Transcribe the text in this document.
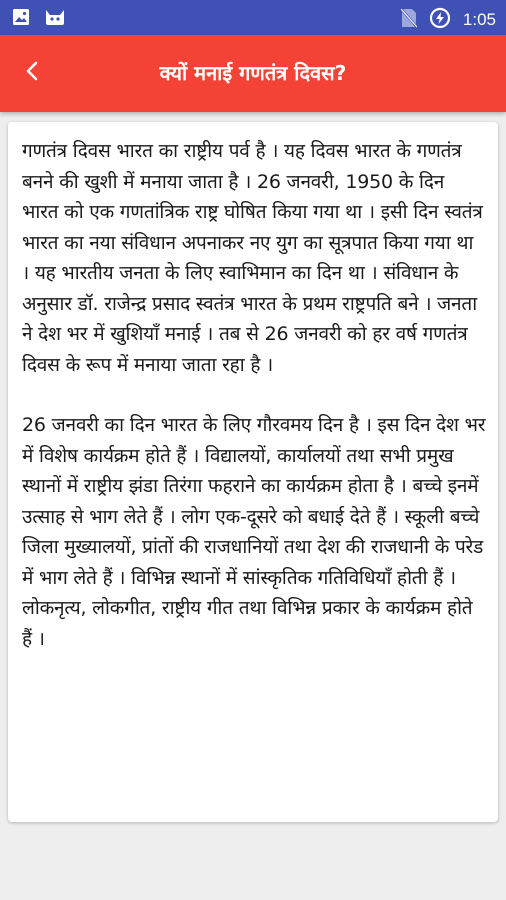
1:05
क्यों मनाई गणतंत्र दिवस?

गणतंत्र दिवस भारत का राष्ट्रीय पर्व है । यह दिवस भारत के गणतंत्र बनने की खुशी में मनाया जाता है । 26 जनवरी, 1950 के दिन भारत को एक गणतांत्रिक राष्ट्र घोषित किया गया था । इसी दिन स्वतंत्र भारत का नया संविधान अपनाकर नए युग का सूत्रपात किया गया था । यह भारतीय जनता के लिए स्वाभिमान का दिन था । संविधान के अनुसार डॉ. राजेन्द्र प्रसाद स्वतंत्र भारत के प्रथम राष्ट्रपति बने । जनता ने देश भर में खुशियाँ मनाई । तब से 26 जनवरी को हर वर्ष गणतंत्र दिवस के रूप में मनाया जाता रहा है ।

26 जनवरी का दिन भारत के लिए गौरवमय दिन है । इस दिन देश भर में विशेष कार्यक्रम होते हैं । विद्यालयों, कार्यालयों तथा सभी प्रमुख स्थानों में राष्ट्रीय झंडा तिरंगा फहराने का कार्यक्रम होता है । बच्चे इनमें उत्साह से भाग लेते हैं । लोग एक-दूसरे को बधाई देते हैं । स्कूली बच्चे जिला मुख्यालयों, प्रांतों की राजधानियों तथा देश की राजधानी के परेड में भाग लेते हैं । विभिन्न स्थानों में सांस्कृतिक गतिविधियाँ होती हैं । लोकनृत्य, लोकगीत, राष्ट्रीय गीत तथा विभिन्न प्रकार के कार्यक्रम होते हैं ।
